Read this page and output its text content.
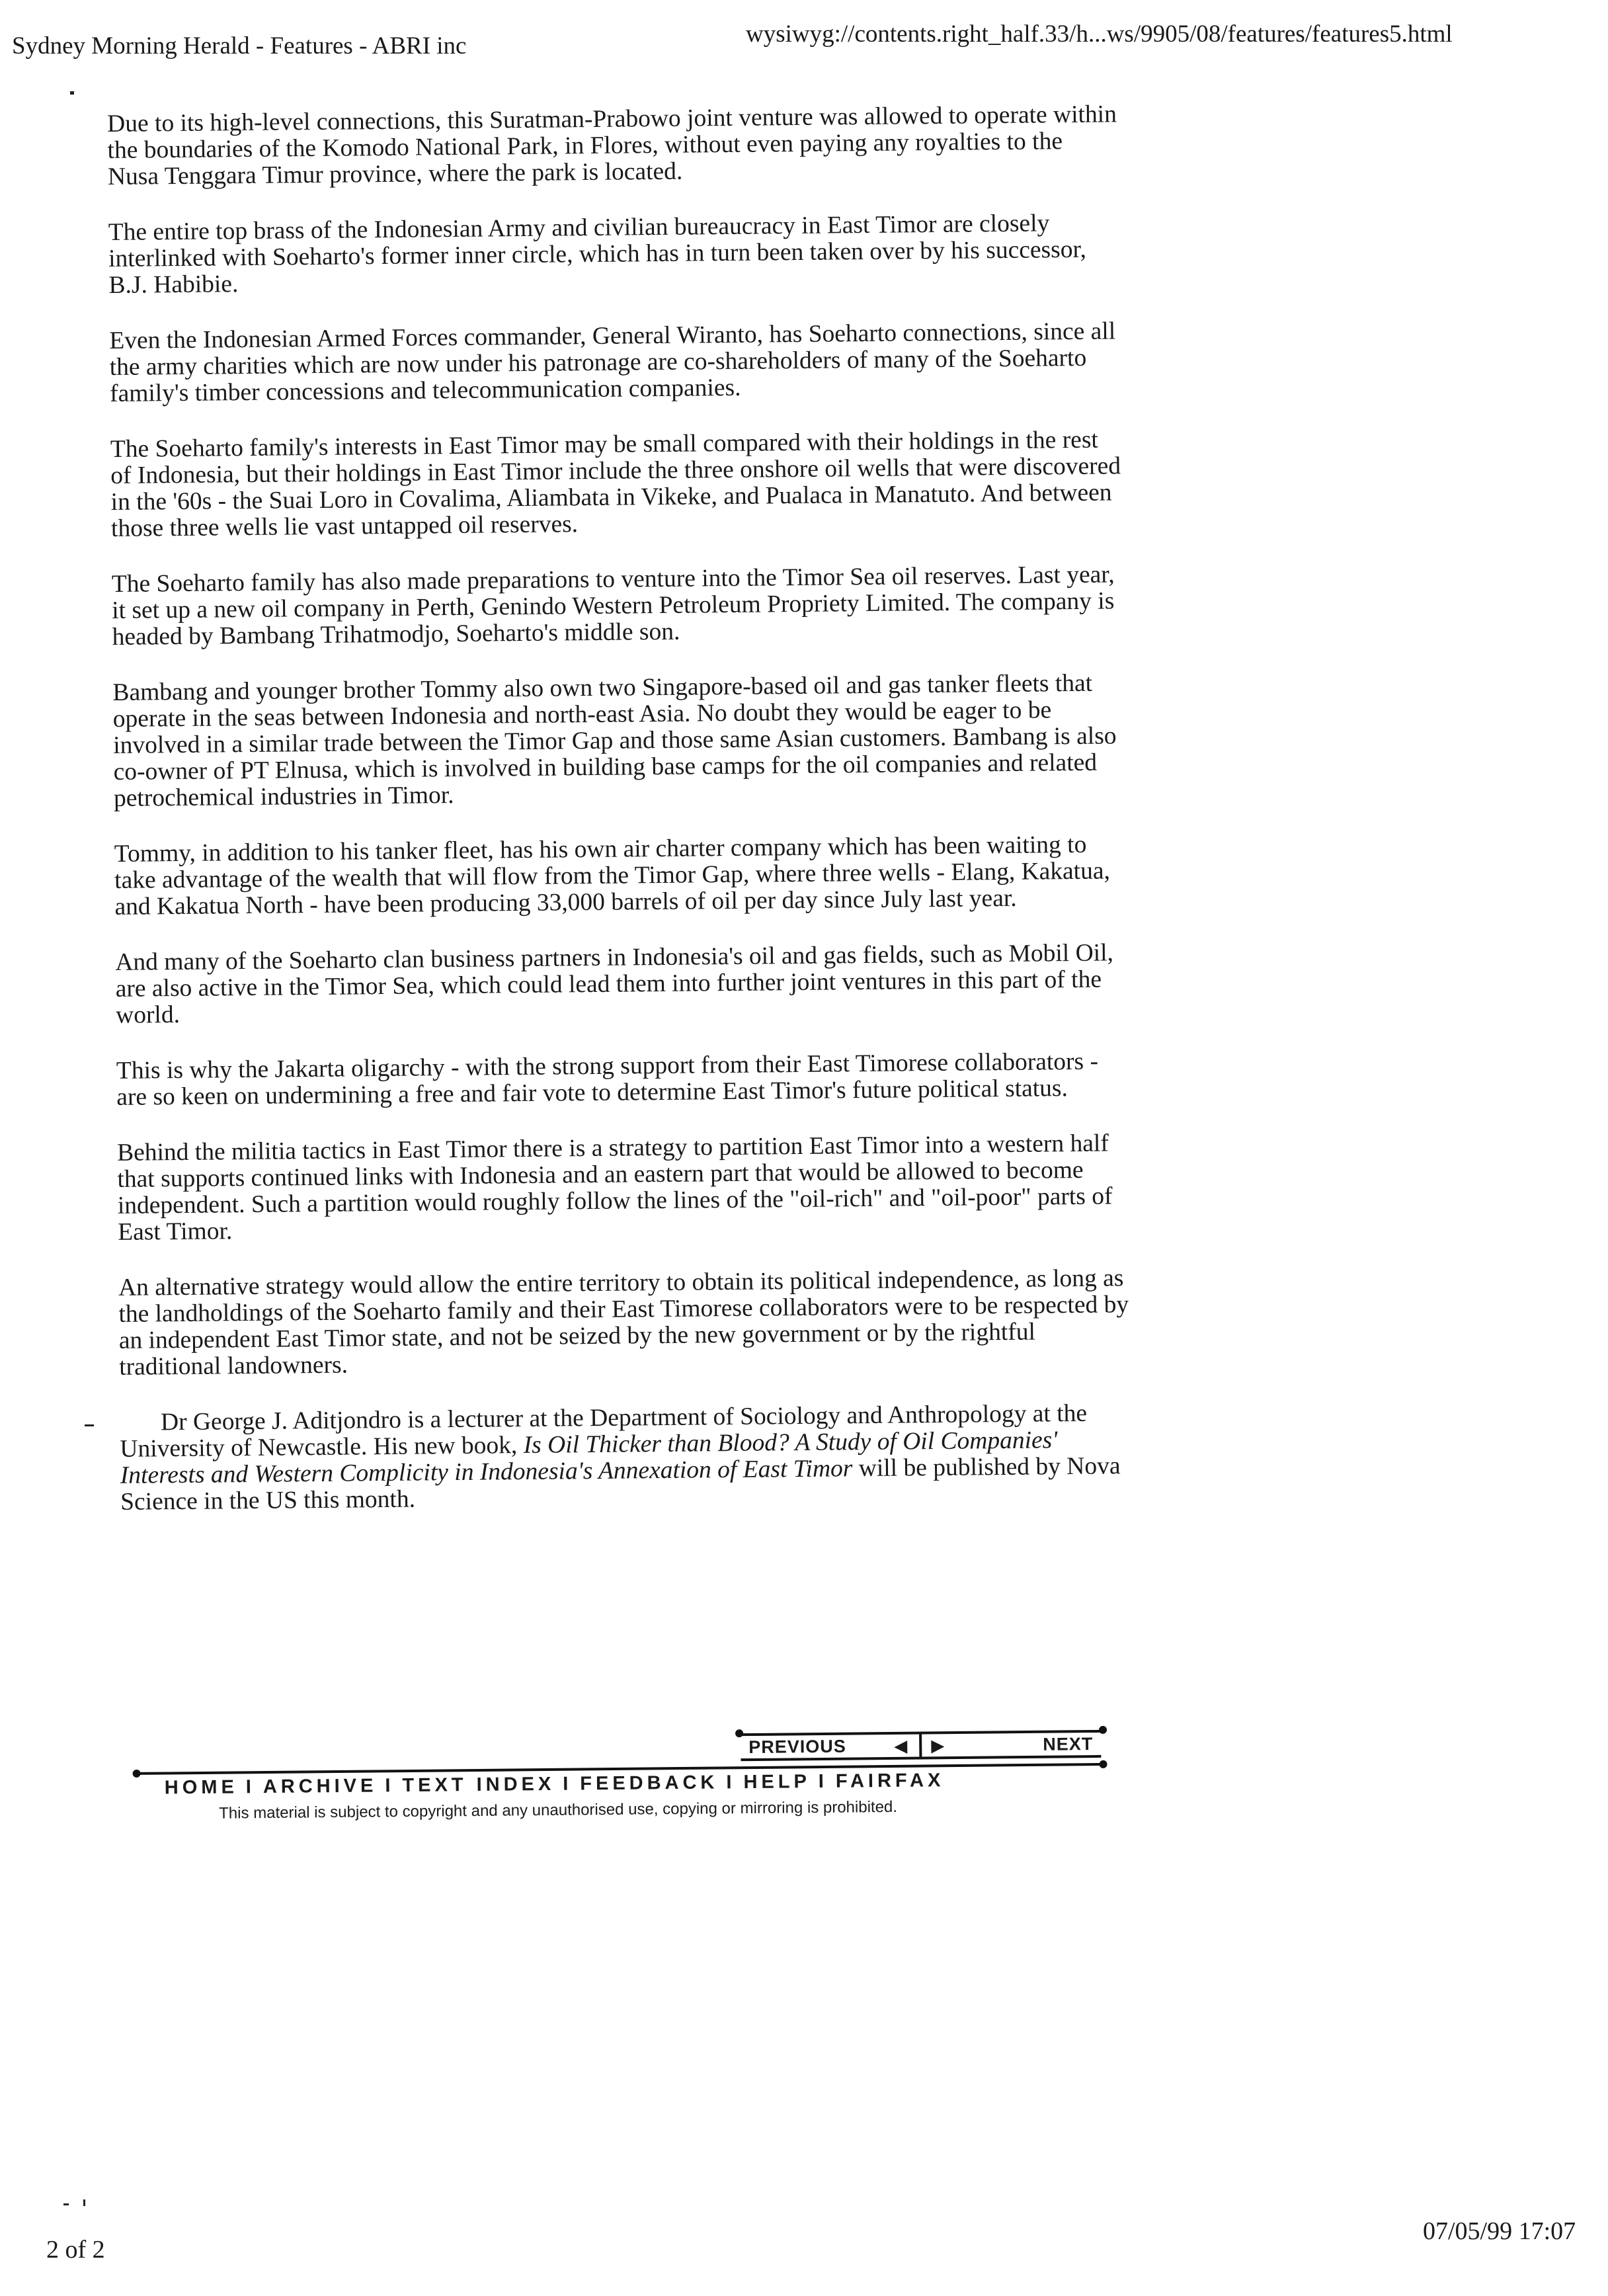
Sydney Morning Herald - Features - ABRI inc	wysiwyg://contents.right_half.33/h...ws/9905/08/features/features5.html

Due to its high-level connections, this Suratman-Prabowo joint venture was allowed to operate within the boundaries of the Komodo National Park, in Flores, without even paying any royalties to the Nusa Tenggara Timur province, where the park is located.

The entire top brass of the Indonesian Army and civilian bureaucracy in East Timor are closely interlinked with Soeharto's former inner circle, which has in turn been taken over by his successor, B.J. Habibie.

Even the Indonesian Armed Forces commander, General Wiranto, has Soeharto connections, since all the army charities which are now under his patronage are co-shareholders of many of the Soeharto family's timber concessions and telecommunication companies.

The Soeharto family's interests in East Timor may be small compared with their holdings in the rest of Indonesia, but their holdings in East Timor include the three onshore oil wells that were discovered in the '60s - the Suai Loro in Covalima, Aliambata in Vikeke, and Pualaca in Manatuto. And between those three wells lie vast untapped oil reserves.

The Soeharto family has also made preparations to venture into the Timor Sea oil reserves. Last year, it set up a new oil company in Perth, Genindo Western Petroleum Propriety Limited. The company is headed by Bambang Trihatmodjo, Soeharto's middle son.

Bambang and younger brother Tommy also own two Singapore-based oil and gas tanker fleets that operate in the seas between Indonesia and north-east Asia. No doubt they would be eager to be involved in a similar trade between the Timor Gap and those same Asian customers. Bambang is also co-owner of PT Elnusa, which is involved in building base camps for the oil companies and related petrochemical industries in Timor.

Tommy, in addition to his tanker fleet, has his own air charter company which has been waiting to take advantage of the wealth that will flow from the Timor Gap, where three wells - Elang, Kakatua, and Kakatua North - have been producing 33,000 barrels of oil per day since July last year.

And many of the Soeharto clan business partners in Indonesia's oil and gas fields, such as Mobil Oil, are also active in the Timor Sea, which could lead them into further joint ventures in this part of the world.

This is why the Jakarta oligarchy - with the strong support from their East Timorese collaborators - are so keen on undermining a free and fair vote to determine East Timor's future political status.

Behind the militia tactics in East Timor there is a strategy to partition East Timor into a western half that supports continued links with Indonesia and an eastern part that would be allowed to become independent. Such a partition would roughly follow the lines of the "oil-rich" and "oil-poor" parts of East Timor.

An alternative strategy would allow the entire territory to obtain its political independence, as long as the landholdings of the Soeharto family and their East Timorese collaborators were to be respected by an independent East Timor state, and not be seized by the new government or by the rightful traditional landowners.

Dr George J. Aditjondro is a lecturer at the Department of Sociology and Anthropology at the University of Newcastle. His new book, Is Oil Thicker than Blood? A Study of Oil Companies' Interests and Western Complicity in Indonesia's Annexation of East Timor will be published by Nova Science in the US this month.

PREVIOUS	◀ ▶	NEXT
HOME I ARCHIVE I TEXT INDEX I FEEDBACK I HELP I FAIRFAX
This material is subject to copyright and any unauthorised use, copying or mirroring is prohibited.
2 of 2
07/05/99 17:07
